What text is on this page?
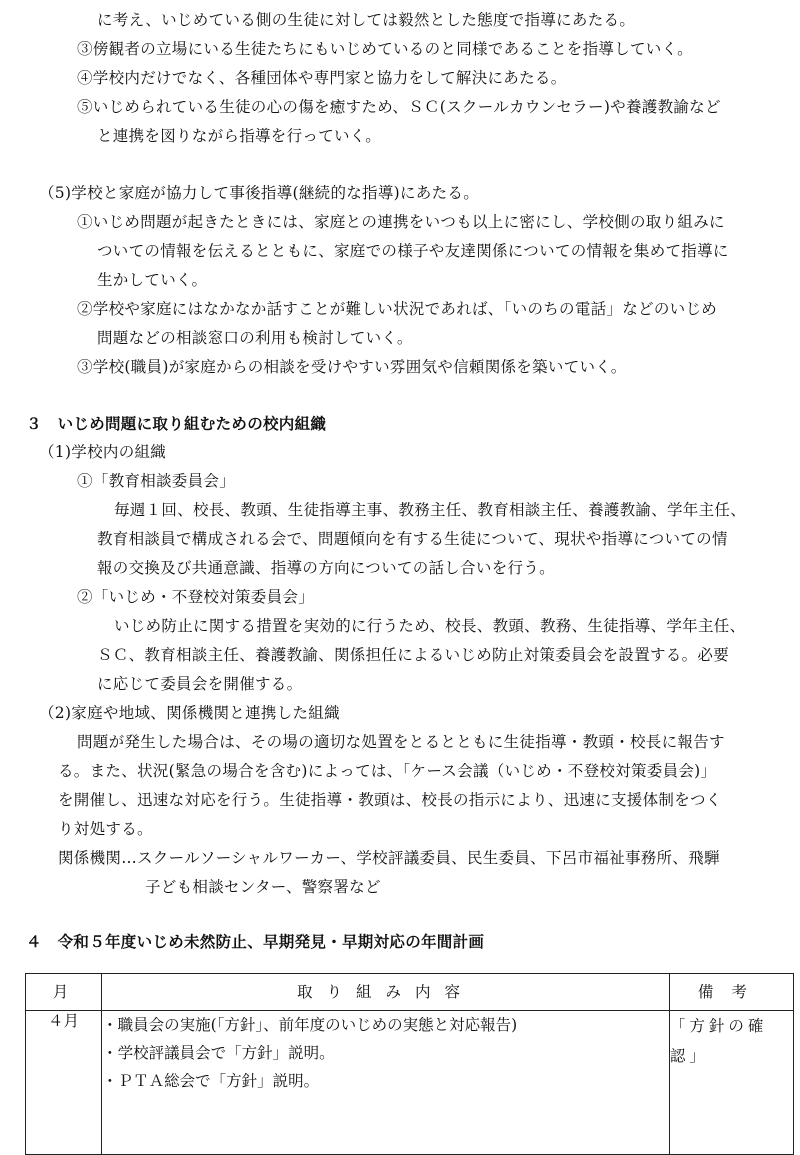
に考え、いじめている側の生徒に対しては毅然とした態度で指導にあたる。
③傍観者の立場にいる生徒たちにもいじめているのと同様であることを指導していく。
④学校内だけでなく、各種団体や専門家と協力をして解決にあたる。
⑤いじめられている生徒の心の傷を癒すため、ＳＣ(スクールカウンセラー)や養護教諭など
と連携を図りながら指導を行っていく。
（5)学校と家庭が協力して事後指導(継続的な指導)にあたる。
①いじめ問題が起きたときには、家庭との連携をいつも以上に密にし、学校側の取り組みに
ついての情報を伝えるとともに、家庭での様子や友達関係についての情報を集めて指導に
生かしていく。
②学校や家庭にはなかなか話すことが難しい状況であれば、「いのちの電話」などのいじめ
問題などの相談窓口の利用も検討していく。
③学校(職員)が家庭からの相談を受けやすい雰囲気や信頼関係を築いていく。
３　いじめ問題に取り組むための校内組織
（1)学校内の組織
①「教育相談委員会」
毎週１回、校長、教頭、生徒指導主事、教務主任、教育相談主任、養護教諭、学年主任、
教育相談員で構成される会で、問題傾向を有する生徒について、現状や指導についての情
報の交換及び共通意識、指導の方向についての話し合いを行う。
②「いじめ・不登校対策委員会」
いじめ防止に関する措置を実効的に行うため、校長、教頭、教務、生徒指導、学年主任、
ＳＣ、教育相談主任、養護教諭、関係担任によるいじめ防止対策委員会を設置する。必要
に応じて委員会を開催する。
（2)家庭や地域、関係機関と連携した組織
問題が発生した場合は、その場の適切な処置をとるとともに生徒指導・教頭・校長に報告す
る。また、状況(緊急の場合を含む)によっては、「ケース会議（いじめ・不登校対策委員会)」
を開催し、迅速な対応を行う。生徒指導・教頭は、校長の指示により、迅速に支援体制をつく
り対処する。
関係機関…スクールソーシャルワーカー、学校評議委員、民生委員、下呂市福祉事務所、飛騨
子ども相談センター、警察署など
４　令和５年度いじめ未然防止、早期発見・早期対応の年間計画
月	取り組み内容	備考
４月	・職員会の実施(「方針」、前年度のいじめの実態と対応報告)
・学校評議員会で「方針」説明。
・ＰＴＡ総会で「方針」説明。	「方針の確
認」
